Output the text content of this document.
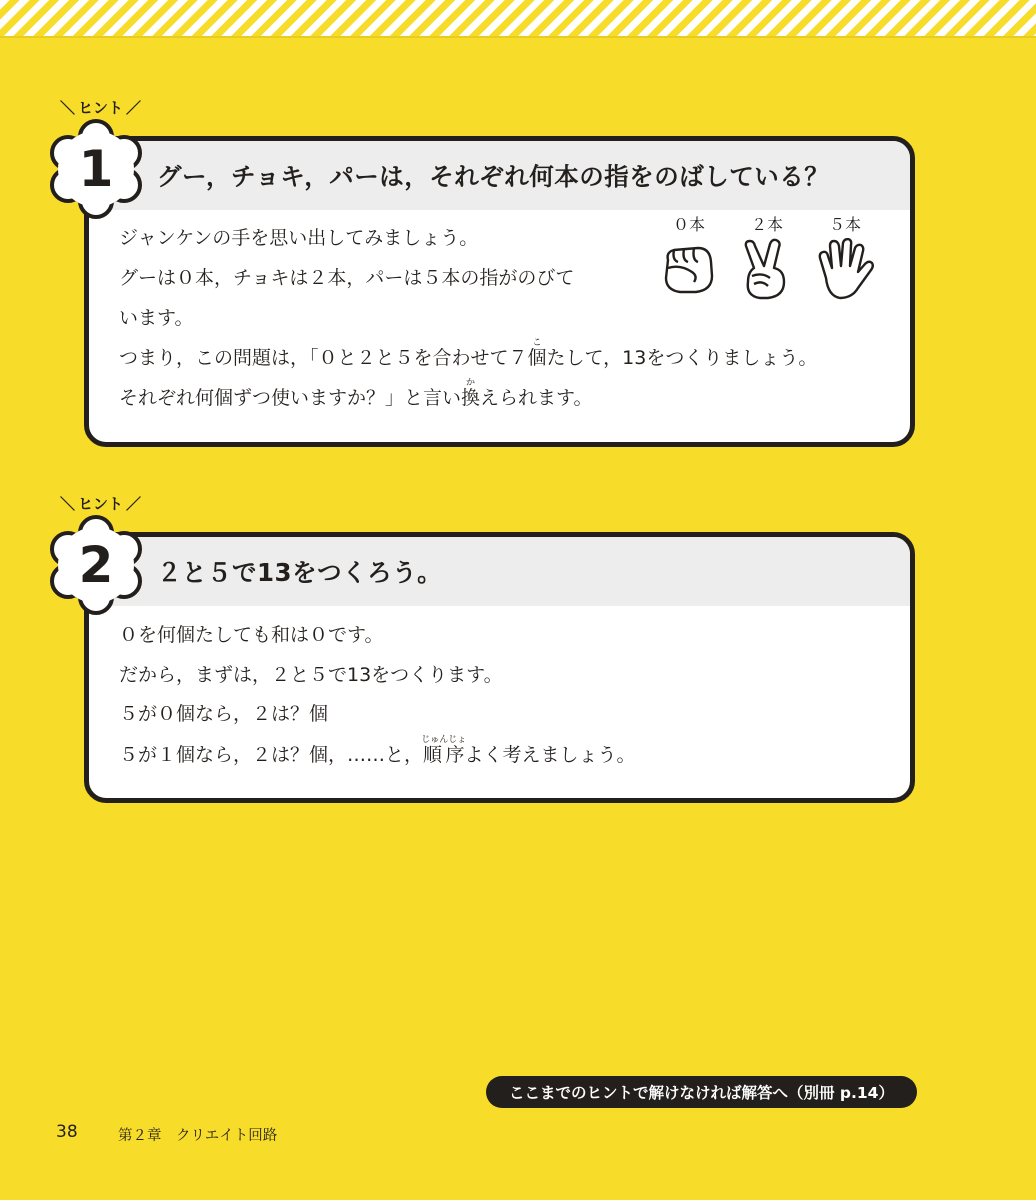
グー，チョキ，パーは，それぞれ何本の指をのばしている？
ジャンケンの手を思い出してみましょう。
グーは０本，チョキは２本，パーは５本の指がのびて
います。
つまり，この問題は，「０と２と５を合わせて７個こたして，13をつくりましょう。
それぞれ何個ずつ使いますか？」と言い換かえられます。
０本	２本	５本
1
＼ ヒント ／
２と５で13をつくろう。
０を何個たしても和は０です。
だから，まずは，２と５で13をつくります。
５が０個なら，２は？個
５が１個なら，２は？個，……と，順序じゅんじょよく考えましょう。
2
＼ ヒント ／
ここまでのヒントで解けなければ解答へ（別冊 p.14）
38	第２章　クリエイト回路
